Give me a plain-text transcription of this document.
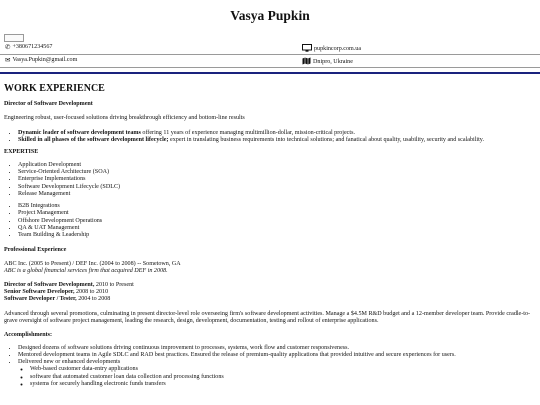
Vasya Pupkin
✆ +380671234567	pupkincorp.com.ua
✉ Vasya.Pupkin@gmail.com	Dnipro, Ukraine
WORK EXPERIENCE
Director of Software Development
Engineering robust, user-focused solutions driving breakthrough efficiency and bottom-line results
• Dynamic leader of software development teams offering 11 years of experience managing multimillion-dollar, mission-critical projects.
• Skilled in all phases of the software development lifecycle; expert in translating business requirements into technical solutions; and fanatical about quality, usability, security and scalability.
EXPERTISE
• Application Development
• Service-Oriented Architecture (SOA)
• Enterprise Implementations
• Software Development Lifecycle (SDLC)
• Release Management
• B2B Integrations
• Project Management
• Offshore Development Operations
• QA & UAT Management
• Team Building & Leadership
Professional Experience
ABC Inc. (2005 to Present) / DEF Inc. (2004 to 2008) -- Sometown, GA
ABC is a global financial services firm that acquired DEF in 2008.
Director of Software Development, 2010 to Present
Senior Software Developer, 2008 to 2010
Software Developer / Tester, 2004 to 2008
Advanced through several promotions, culminating in present director-level role overseeing firm's software development activities. Manage a $4.5M R&D budget and a 12-member developer team. Provide cradle-to-grave oversight of software project management, leading the research, design, development, documentation, testing and rollout of enterprise applications.
Accomplishments:
• Designed dozens of software solutions driving continuous improvement to processes, systems, work flow and customer responsiveness.
• Mentored development teams in Agile SDLC and RAD best practices. Ensured the release of premium-quality applications that provided intuitive and secure experiences for users.
• Delivered new or enhanced developments
◦ Web-based customer data-entry applications
◦ software that automated customer loan data collection and processing functions
◦ systems for securely handling electronic funds transfers
